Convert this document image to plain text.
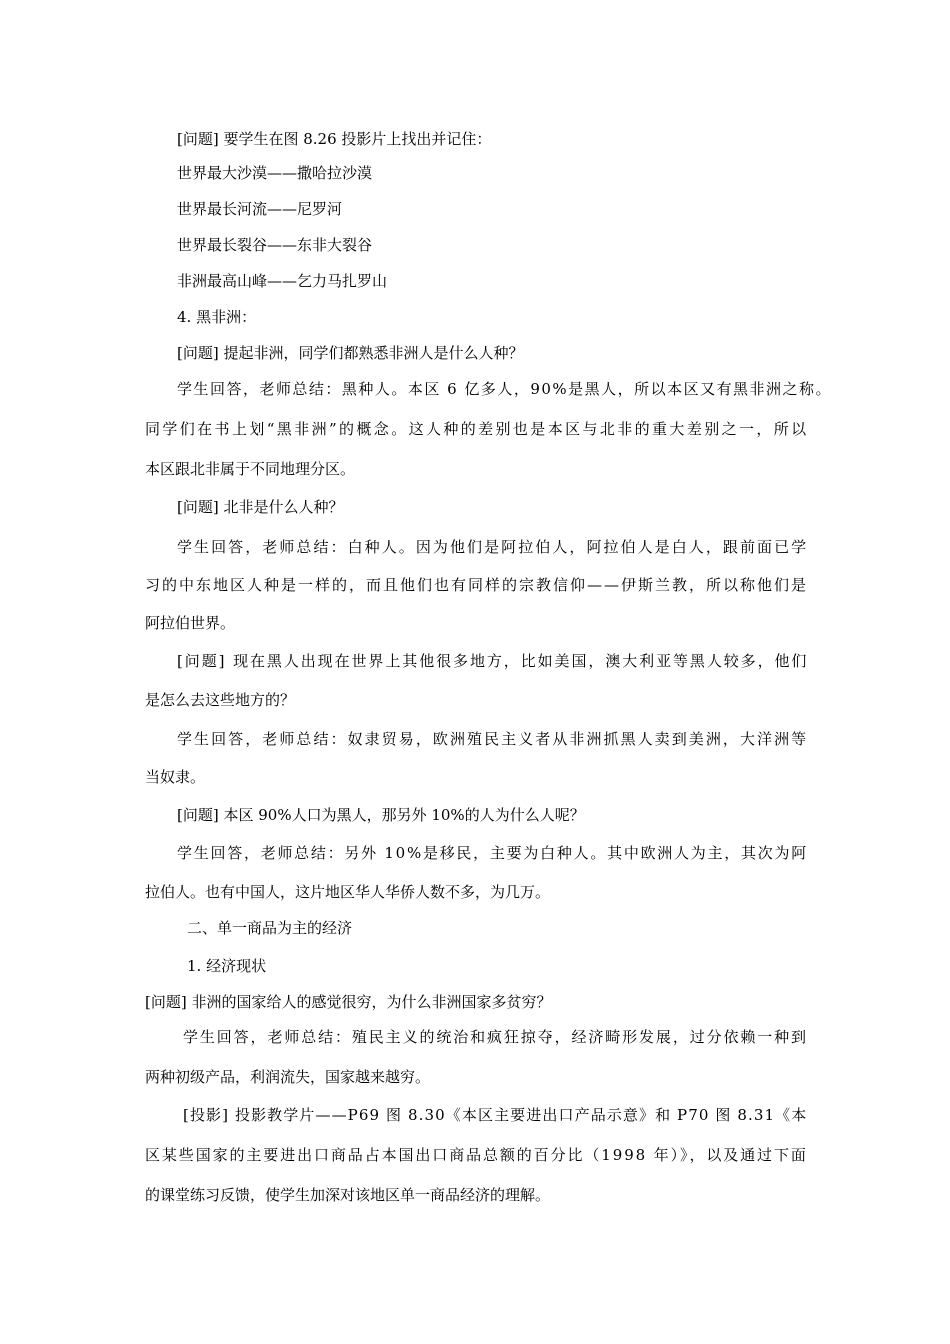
[问题] 要学生在图 8.26 投影片上找出并记住：
世界最大沙漠——撒哈拉沙漠
世界最长河流——尼罗河
世界最长裂谷——东非大裂谷
非洲最高山峰——乞力马扎罗山
4. 黑非洲：
[问题] 提起非洲，同学们都熟悉非洲人是什么人种？
学生回答，老师总结：黑种人。本区 6 亿多人，90%是黑人，所以本区又有黑非洲之称。
同学们在书上划“黑非洲”的概念。这人种的差别也是本区与北非的重大差别之一，所以
本区跟北非属于不同地理分区。
[问题] 北非是什么人种？
学生回答，老师总结：白种人。因为他们是阿拉伯人，阿拉伯人是白人，跟前面已学
习的中东地区人种是一样的，而且他们也有同样的宗教信仰——伊斯兰教，所以称他们是
阿拉伯世界。
[问题] 现在黑人出现在世界上其他很多地方，比如美国，澳大利亚等黑人较多，他们
是怎么去这些地方的？
学生回答，老师总结：奴隶贸易，欧洲殖民主义者从非洲抓黑人卖到美洲，大洋洲等
当奴隶。
[问题] 本区 90%人口为黑人，那另外 10%的人为什么人呢？
学生回答，老师总结：另外 10%是移民，主要为白种人。其中欧洲人为主，其次为阿
拉伯人。也有中国人，这片地区华人华侨人数不多，为几万。
二、单一商品为主的经济
1. 经济现状
[问题] 非洲的国家给人的感觉很穷，为什么非洲国家多贫穷？
学生回答，老师总结：殖民主义的统治和疯狂掠夺，经济畸形发展，过分依赖一种到
两种初级产品，利润流失，国家越来越穷。
[投影] 投影教学片——P69 图 8.30《本区主要进出口产品示意》和 P70 图 8.31《本
区某些国家的主要进出口商品占本国出口商品总额的百分比（1998 年）》，以及通过下面
的课堂练习反馈，使学生加深对该地区单一商品经济的理解。
